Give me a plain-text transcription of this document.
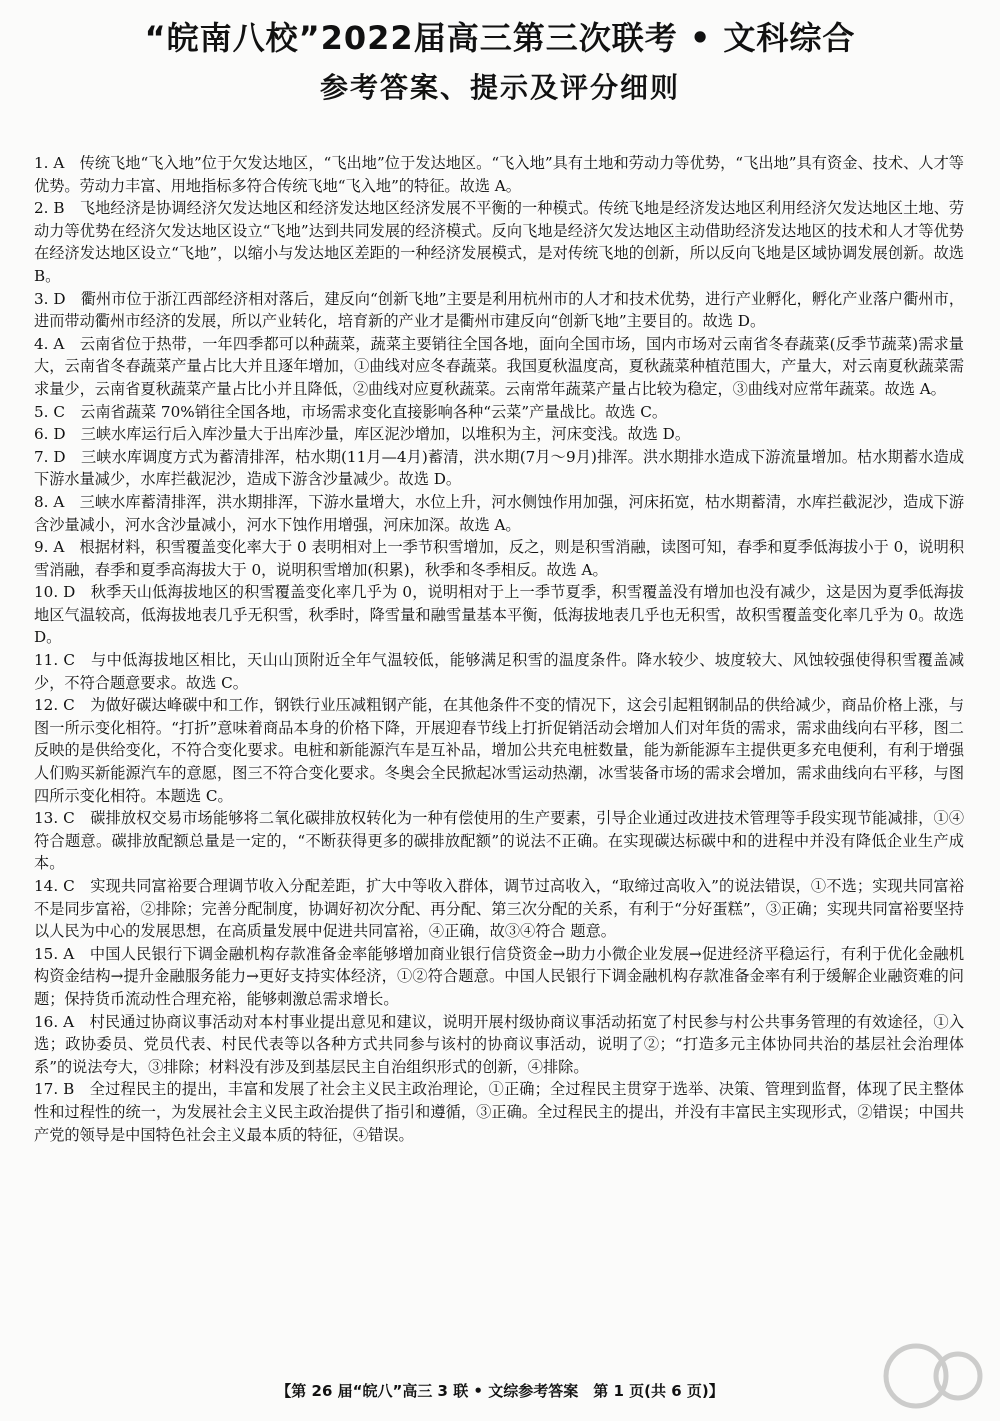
“皖南八校”2022届高三第三次联考 • 文科综合
参考答案、提示及评分细则

1. A　 传统飞地“飞入地”位于欠发达地区，“飞出地”位于发达地区。“飞入地”具有土地和劳动力等优势，“飞出地”具有资金、技术、人才等优势。劳动力丰富、用地指标多符合传统飞地“飞入地”的特征。故选 A。

2. B　 飞地经济是协调经济欠发达地区和经济发达地区经济发展不平衡的一种模式。传统飞地是经济发达地区利用经济欠发达地区土地、劳动力等优势在经济欠发达地区设立“飞地”达到共同发展的经济模式。反向飞地是经济欠发达地区主动借助经济发达地区的技术和人才等优势在经济发达地区设立“飞地”，以缩小与发达地区差距的一种经济发展模式，是对传统飞地的创新，所以反向飞地是区域协调发展创新。故选 B。

3. D　 衢州市位于浙江西部经济相对落后，建反向“创新飞地”主要是利用杭州市的人才和技术优势，进行产业孵化，孵化产业落户衢州市，进而带动衢州市经济的发展，所以产业转化，培育新的产业才是衢州市建反向“创新飞地”主要目的。故选 D。

4. A　 云南省位于热带，一年四季都可以种蔬菜，蔬菜主要销往全国各地，面向全国市场，国内市场对云南省冬春蔬菜(反季节蔬菜)需求量大，云南省冬春蔬菜产量占比大并且逐年增加，①曲线对应冬春蔬菜。我国夏秋温度高，夏秋蔬菜种植范围大，产量大，对云南夏秋蔬菜需求量少，云南省夏秋蔬菜产量占比小并且降低，②曲线对应夏秋蔬菜。云南常年蔬菜产量占比较为稳定，③曲线对应常年蔬菜。故选 A。

5. C　 云南省蔬菜 70%销往全国各地，市场需求变化直接影响各种“云菜”产量战比。故选 C。

6. D　 三峡水库运行后入库沙量大于出库沙量，库区泥沙增加，以堆积为主，河床变浅。故选 D。

7. D　 三峡水库调度方式为蓄清排浑，枯水期(11月—4月)蓄清，洪水期(7月～9月)排浑。洪水期排水造成下游流量增加。枯水期蓄水造成下游水量减少，水库拦截泥沙，造成下游含沙量减少。故选 D。

8. A　 三峡水库蓄清排浑，洪水期排浑，下游水量增大，水位上升，河水侧蚀作用加强，河床拓宽，枯水期蓄清，水库拦截泥沙，造成下游含沙量减小，河水含沙量减小，河水下蚀作用增强，河床加深。故选 A。

9. A　 根据材料，积雪覆盖变化率大于 0 表明相对上一季节积雪增加，反之，则是积雪消融，读图可知，春季和夏季低海拔小于 0，说明积雪消融，春季和夏季高海拔大于 0，说明积雪增加(积累)，秋季和冬季相反。故选 A。

10. D　 秋季天山低海拔地区的积雪覆盖变化率几乎为 0，说明相对于上一季节夏季，积雪覆盖没有增加也没有减少，这是因为夏季低海拔地区气温较高，低海拔地表几乎无积雪，秋季时，降雪量和融雪量基本平衡，低海拔地表几乎也无积雪，故积雪覆盖变化率几乎为 0。故选 D。

11. C　 与中低海拔地区相比，天山山顶附近全年气温较低，能够满足积雪的温度条件。降水较少、坡度较大、风蚀较强使得积雪覆盖减少，不符合题意要求。故选 C。

12. C　 为做好碳达峰碳中和工作，钢铁行业压减粗钢产能，在其他条件不变的情况下，这会引起粗钢制品的供给减少，商品价格上涨，与图一所示变化相符。“打折”意味着商品本身的价格下降，开展迎春节线上打折促销活动会增加人们对年货的需求，需求曲线向右平移，图二反映的是供给变化，不符合变化要求。电桩和新能源汽车是互补品，增加公共充电桩数量，能为新能源车主提供更多充电便利，有利于增强人们购买新能源汽车的意愿，图三不符合变化要求。冬奥会全民掀起冰雪运动热潮，冰雪装备市场的需求会增加，需求曲线向右平移，与图四所示变化相符。本题选 C。

13. C　 碳排放权交易市场能够将二氧化碳排放权转化为一种有偿使用的生产要素，引导企业通过改进技术管理等手段实现节能减排，①④符合题意。碳排放配额总量是一定的，“不断获得更多的碳排放配额”的说法不正确。在实现碳达标碳中和的进程中并没有降低企业生产成本。

14. C　 实现共同富裕要合理调节收入分配差距，扩大中等收入群体，调节过高收入，“取缔过高收入”的说法错误，①不选；实现共同富裕不是同步富裕，②排除；完善分配制度，协调好初次分配、再分配、第三次分配的关系，有利于“分好蛋糕”，③正确；实现共同富裕要坚持以人民为中心的发展思想，在高质量发展中促进共同富裕，④正确，故③④符合 题意。

15. A　 中国人民银行下调金融机构存款准备金率能够增加商业银行信贷资金→助力小微企业发展→促进经济平稳运行，有利于优化金融机构资金结构→提升金融服务能力→更好支持实体经济，①②符合题意。中国人民银行下调金融机构存款准备金率有利于缓解企业融资难的问题；保持货币流动性合理充裕，能够刺激总需求增长。

16. A　 村民通过协商议事活动对本村事业提出意见和建议，说明开展村级协商议事活动拓宽了村民参与村公共事务管理的有效途径，①入选；政协委员、党员代表、村民代表等以各种方式共同参与该村的协商议事活动，说明了②；“打造多元主体协同共治的基层社会治理体系”的说法夸大，③排除；材料没有涉及到基层民主自治组织形式的创新，④排除。

17. B　 全过程民主的提出，丰富和发展了社会主义民主政治理论，①正确；全过程民主贯穿于选举、决策、管理到监督，体现了民主整体性和过程性的统一，为发展社会主义民主政治提供了指引和遵循，③正确。全过程民主的提出，并没有丰富民主实现形式，②错误；中国共产党的领导是中国特色社会主义最本质的特征，④错误。

【第 26 届“皖八”高三 3 联 • 文综参考答案　第 1 页(共 6 页)】
